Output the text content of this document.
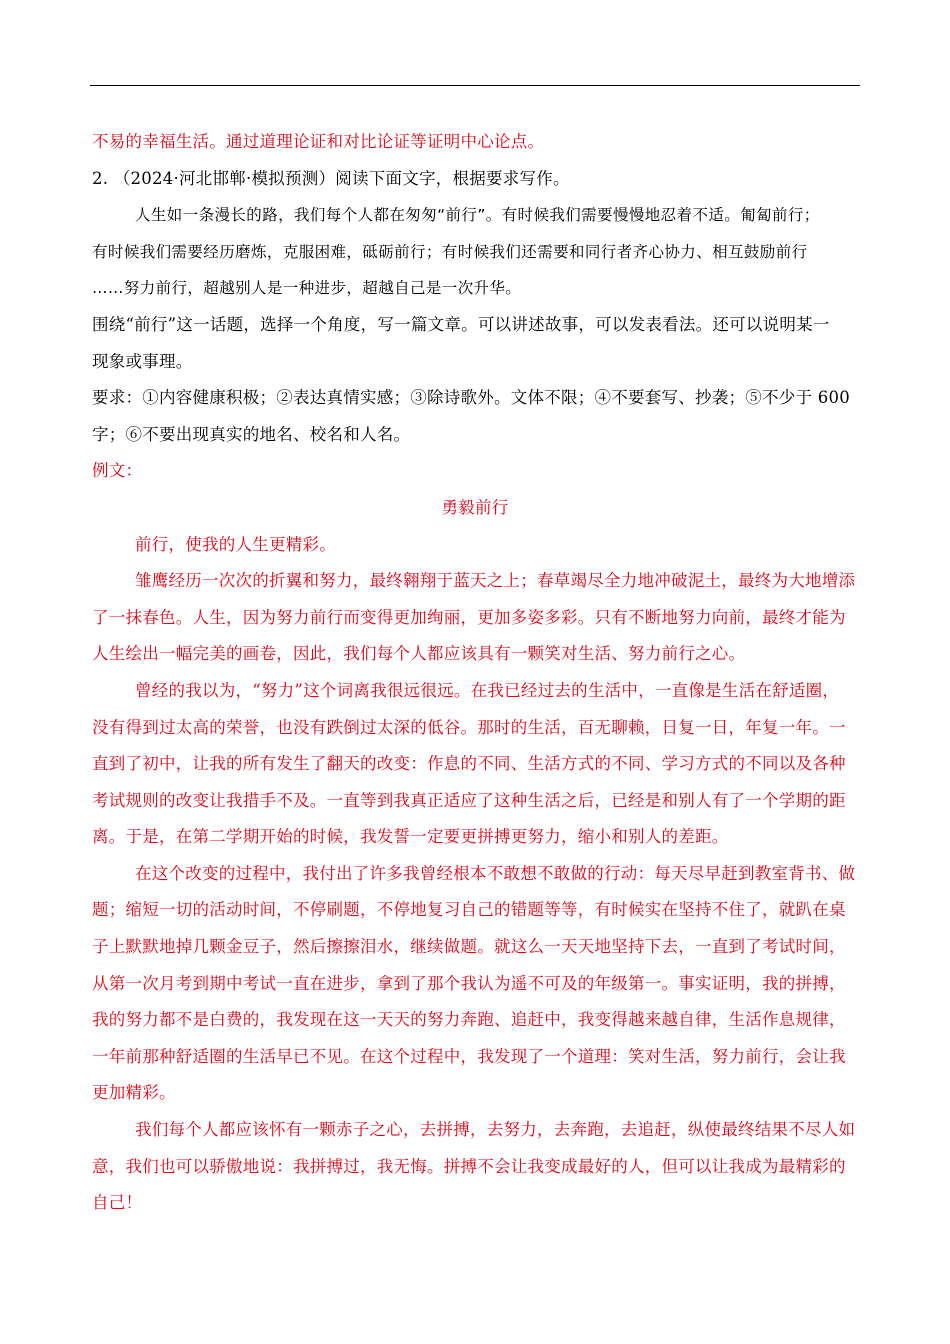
不易的幸福生活。通过道理论证和对比论证等证明中心论点。

2. （2024·河北邯郸·模拟预测）阅读下面文字，根据要求写作。

人生如一条漫长的路，我们每个人都在匆匆“前行”。有时候我们需要慢慢地忍着不适。匍匐前行；

有时候我们需要经历磨炼，克服困难，砥砺前行；有时候我们还需要和同行者齐心协力、相互鼓励前行

……努力前行，超越别人是一种进步，超越自己是一次升华。

围绕“前行”这一话题，选择一个角度，写一篇文章。可以讲述故事，可以发表看法。还可以说明某一

现象或事理。

要求：①内容健康积极；②表达真情实感；③除诗歌外。文体不限；④不要套写、抄袭；⑤不少于 600

字；⑥不要出现真实的地名、校名和人名。

例文：

勇毅前行

前行，使我的人生更精彩。

雏鹰经历一次次的折翼和努力，最终翱翔于蓝天之上；春草竭尽全力地冲破泥土，最终为大地增添

了一抹春色。人生，因为努力前行而变得更加绚丽，更加多姿多彩。只有不断地努力向前，最终才能为

人生绘出一幅完美的画卷，因此，我们每个人都应该具有一颗笑对生活、努力前行之心。

曾经的我以为，“努力”这个词离我很远很远。在我已经过去的生活中，一直像是生活在舒适圈，

没有得到过太高的荣誉，也没有跌倒过太深的低谷。那时的生活，百无聊赖，日复一日，年复一年。一

直到了初中，让我的所有发生了翻天的改变：作息的不同、生活方式的不同、学习方式的不同以及各种

考试规则的改变让我措手不及。一直等到我真正适应了这种生活之后，已经是和别人有了一个学期的距

离。于是，在第二学期开始的时候，我发誓一定要更拼搏更努力，缩小和别人的差距。

在这个改变的过程中，我付出了许多我曾经根本不敢想不敢做的行动：每天尽早赶到教室背书、做

题；缩短一切的活动时间，不停刷题，不停地复习自己的错题等等，有时候实在坚持不住了，就趴在桌

子上默默地掉几颗金豆子，然后擦擦泪水，继续做题。就这么一天天地坚持下去，一直到了考试时间，

从第一次月考到期中考试一直在进步，拿到了那个我认为遥不可及的年级第一。事实证明，我的拼搏，

我的努力都不是白费的，我发现在这一天天的努力奔跑、追赶中，我变得越来越自律，生活作息规律，

一年前那种舒适圈的生活早已不见。在这个过程中，我发现了一个道理：笑对生活，努力前行，会让我

更加精彩。

我们每个人都应该怀有一颗赤子之心，去拼搏，去努力，去奔跑，去追赶，纵使最终结果不尽人如

意，我们也可以骄傲地说：我拼搏过，我无悔。拼搏不会让我变成最好的人，但可以让我成为最精彩的

自己！
